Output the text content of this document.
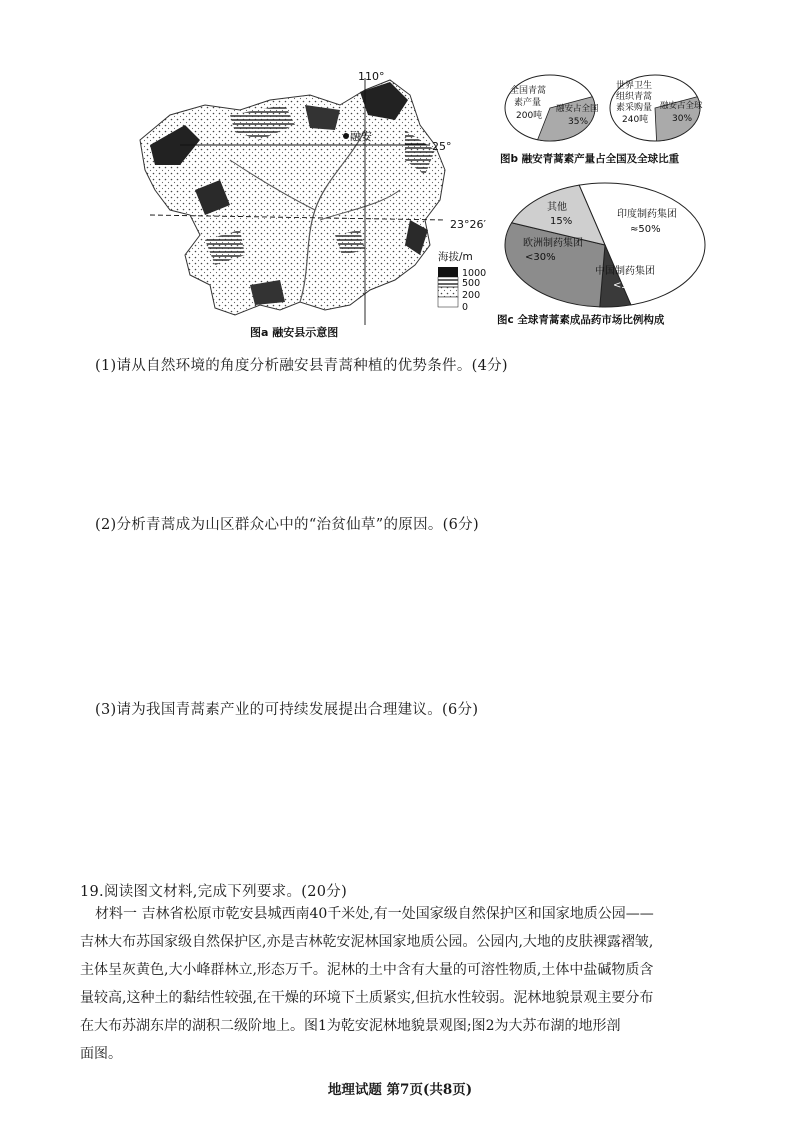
110°
25°
23°26′
融安
海拔/m
1000
500
200
0
图a 融安县示意图
全国青蒿
素产量
200吨
融安占全国
35%
世界卫生
组织青蒿
素采购量
240吨
融安占全球
30%
图b 融安青蒿素产量占全国及全球比重
印度制药集团
≈50%
其他
15%
欧洲制药集团
<30%
中国制药集团
<5%
图c 全球青蒿素成品药市场比例构成
(1)请从自然环境的角度分析融安县青蒿种植的优势条件。(4分)
(2)分析青蒿成为山区群众心中的“治贫仙草”的原因。(6分)
(3)请为我国青蒿素产业的可持续发展提出合理建议。(6分)
19.阅读图文材料,完成下列要求。(20分)
材料一 吉林省松原市乾安县城西南40千米处,有一处国家级自然保护区和国家地质公园——
吉林大布苏国家级自然保护区,亦是吉林乾安泥林国家地质公园。公园内,大地的皮肤裸露褶皱,
主体呈灰黄色,大小峰群林立,形态万千。泥林的土中含有大量的可溶性物质,土体中盐碱物质含
量较高,这种土的黏结性较强,在干燥的环境下土质紧实,但抗水性较弱。泥林地貌景观主要分布
在大布苏湖东岸的湖积二级阶地上。图1为乾安泥林地貌景观图;图2为大苏布湖的地形剖
面图。
地理试题 第7页(共8页)
